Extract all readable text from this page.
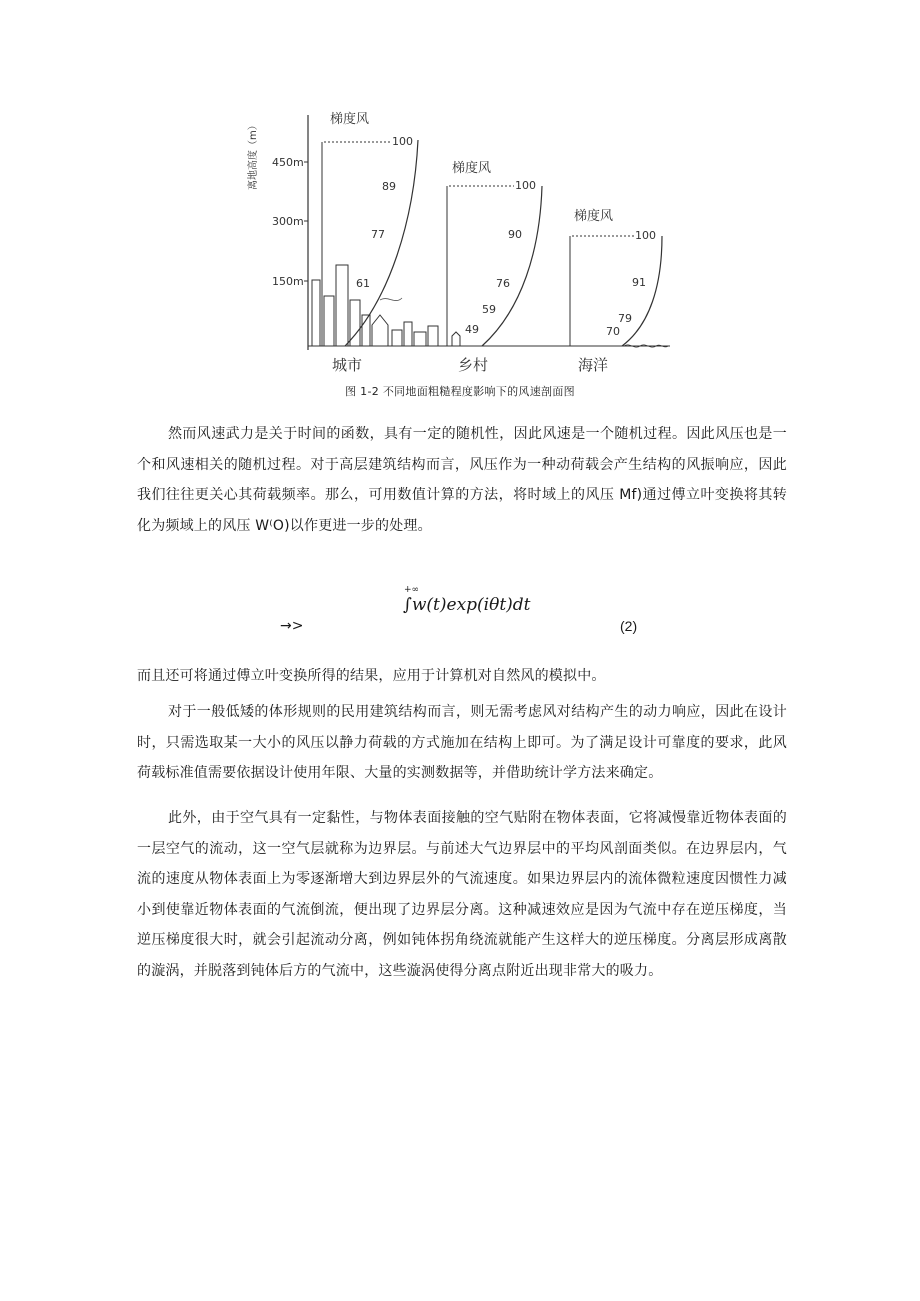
离地高度（m） 450m
300m
150m
梯度风
100
89
77
61
城市
梯度风
100
90
76
59
49
乡村
梯度风
100
91
79
70
海洋
图 1-2 不同地面粗糙程度影响下的风速剖面图

然而风速武力是关于时间的函数，具有一定的随机性，因此风速是一个随机过程。因此风压也是一个和风速相关的随机过程。对于高层建筑结构而言，风压作为一种动荷载会产生结构的风振响应，因此我们往往更关心其荷载频率。那么，可用数值计算的方法，将时域上的风压 Mf)通过傅立叶变换将其转化为频域上的风压 W⁽O)以作更进一步的处理。

+∞
∫w(t)exp(iθt)dt
→>	(2)

而且还可将通过傅立叶变换所得的结果，应用于计算机对自然风的模拟中。

对于一般低矮的体形规则的民用建筑结构而言，则无需考虑风对结构产生的动力响应，因此在设计时，只需选取某一大小的风压以静力荷载的方式施加在结构上即可。为了满足设计可靠度的要求，此风荷载标准值需要依据设计使用年限、大量的实测数据等，并借助统计学方法来确定。

此外，由于空气具有一定黏性，与物体表面接触的空气贴附在物体表面，它将减慢靠近物体表面的一层空气的流动，这一空气层就称为边界层。与前述大气边界层中的平均风剖面类似。在边界层内，气流的速度从物体表面上为零逐渐增大到边界层外的气流速度。如果边界层内的流体微粒速度因惯性力减小到使靠近物体表面的气流倒流，便出现了边界层分离。这种减速效应是因为气流中存在逆压梯度，当逆压梯度很大时，就会引起流动分离，例如钝体拐角绕流就能产生这样大的逆压梯度。分离层形成离散的漩涡，并脱落到钝体后方的气流中，这些漩涡使得分离点附近出现非常大的吸力。
